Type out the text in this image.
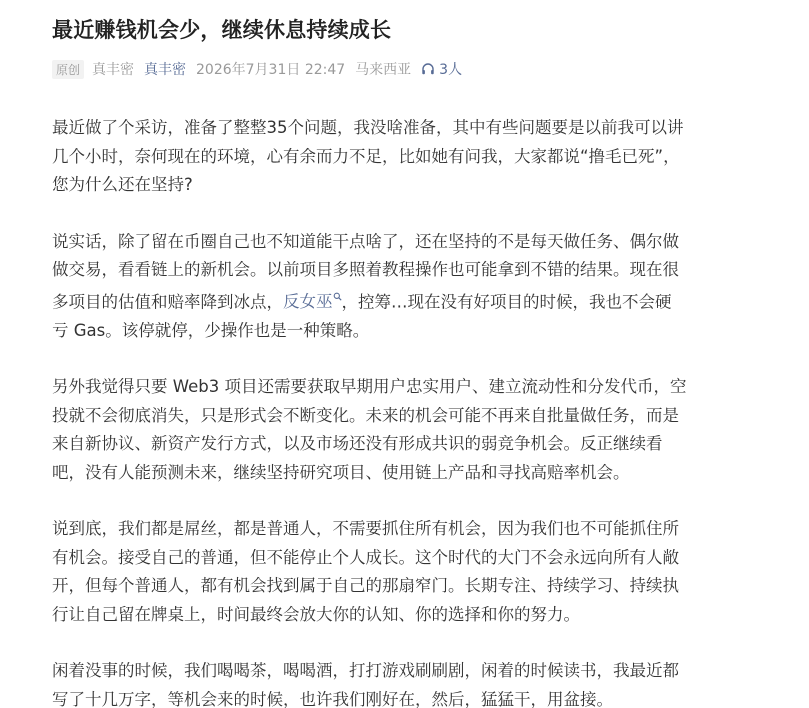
最近赚钱机会少，继续休息持续成长
原创 真丰密 真丰密 2026年7月31日 22:47 马来西亚 3人
最近做了个采访，准备了整整35个问题，我没啥准备，其中有些问题要是以前我可以讲
几个小时，奈何现在的环境，心有余而力不足，比如她有问我，大家都说“撸毛已死”，
您为什么还在坚持?
说实话，除了留在币圈自己也不知道能干点啥了，还在坚持的不是每天做任务、偶尔做
做交易，看看链上的新机会。以前项目多照着教程操作也可能拿到不错的结果。现在很
多项目的估值和赔率降到冰点，反女巫 ，控筹…现在没有好项目的时候，我也不会硬
亏 Gas。该停就停，少操作也是一种策略。
另外我觉得只要 Web3 项目还需要获取早期用户忠实用户、建立流动性和分发代币，空
投就不会彻底消失，只是形式会不断变化。未来的机会可能不再来自批量做任务，而是
来自新协议、新资产发行方式，以及市场还没有形成共识的弱竞争机会。反正继续看
吧，没有人能预测未来，继续坚持研究项目、使用链上产品和寻找高赔率机会。
说到底，我们都是屌丝，都是普通人，不需要抓住所有机会，因为我们也不可能抓住所
有机会。接受自己的普通，但不能停止个人成长。这个时代的大门不会永远向所有人敞
开，但每个普通人，都有机会找到属于自己的那扇窄门。长期专注、持续学习、持续执
行让自己留在牌桌上，时间最终会放大你的认知、你的选择和你的努力。
闲着没事的时候，我们喝喝茶，喝喝酒，打打游戏刷刷剧，闲着的时候读书，我最近都
写了十几万字，等机会来的时候，也许我们刚好在，然后，猛猛干，用盆接。
